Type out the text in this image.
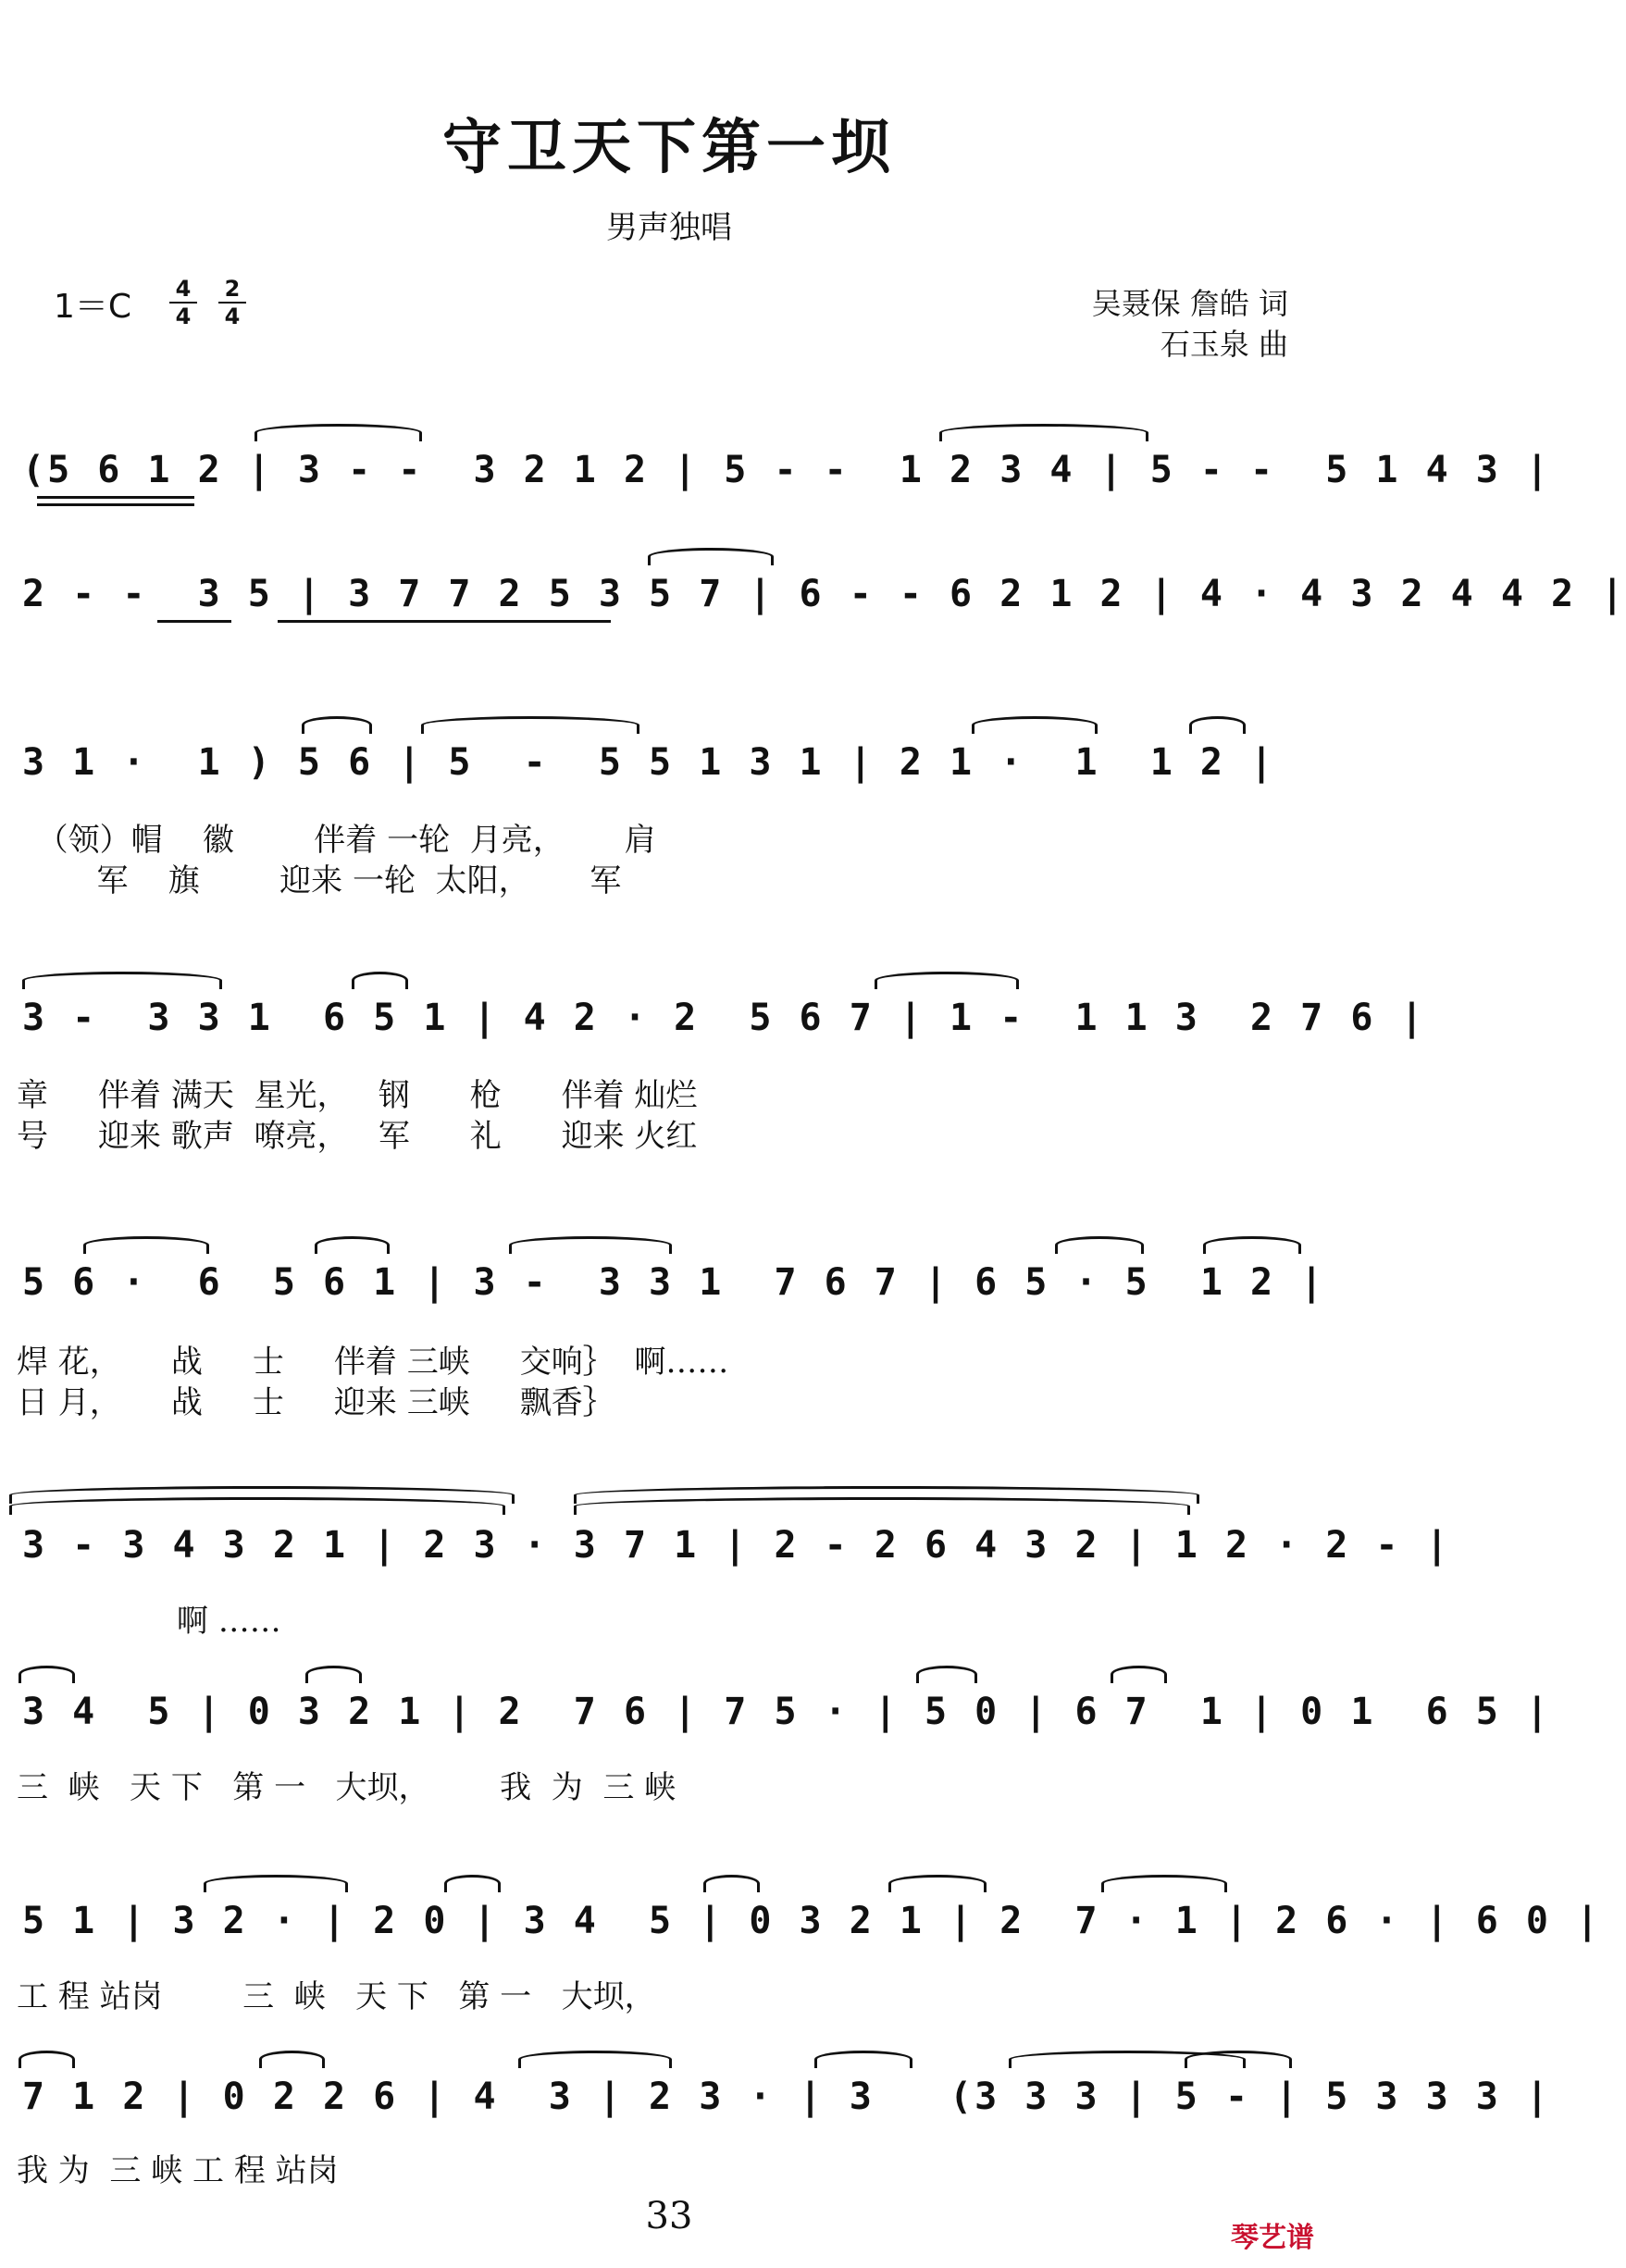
守卫天下第一坝
男声独唱
1＝C 4
4
2
4	吴聂保 詹皓 词
石玉泉 曲
(5 6 1 2 | 3 - -  3 2 1 2 | 5 - -  1 2 3 4 | 5 - -  5 1 4 3 |
2 - -  3 5 | 3 7 7 2 5 3 5 7 | 6 - - 6 2 1 2 | 4 · 4 3 2 4 4 2 |
3 1 ·  1 ) 5 6 | 5  -  5 5 1 3 1 | 2 1 ·  1  1 2 |
（领）帽    徽        伴着 一轮  月亮，      肩
军    旗        迎来 一轮  太阳，      军
3 -  3 3 1  6 5 1 | 4 2 · 2  5 6 7 | 1 -  1 1 3  2 7 6 |
章     伴着 满天  星光，   钢      枪      伴着 灿烂
号     迎来 歌声  嘹亮，   军      礼      迎来 火红
5 6 ·  6  5 6 1 | 3 -  3 3 1  7 6 7 | 6 5 · 5  1 2 |
焊 花，     战     士     伴着 三峡     交响｝  啊……
日 月，     战     士     迎来 三峡     飘香｝
3 - 3 4 3 2 1 | 2 3 · 3 7 1 | 2 - 2 6 4 3 2 | 1 2 · 2 - |
啊 ……
3 4  5 | 0 3 2 1 | 2  7 6 | 7 5 · | 5 0 | 6 7  1 | 0 1  6 5 |
三  峡   天 下   第 一   大坝，       我  为  三 峡
5 1 | 3 2 · | 2 0 | 3 4  5 | 0 3 2 1 | 2  7 · 1 | 2 6 · | 6 0 |
工 程 站岗        三  峡   天 下   第 一   大坝，
7 1 2 | 0 2 2 6 | 4  3 | 2 3 · | 3   (3 3 3 | 5 - | 5 3 3 3 |
我 为  三 峡 工 程 站岗
33
琴艺谱
